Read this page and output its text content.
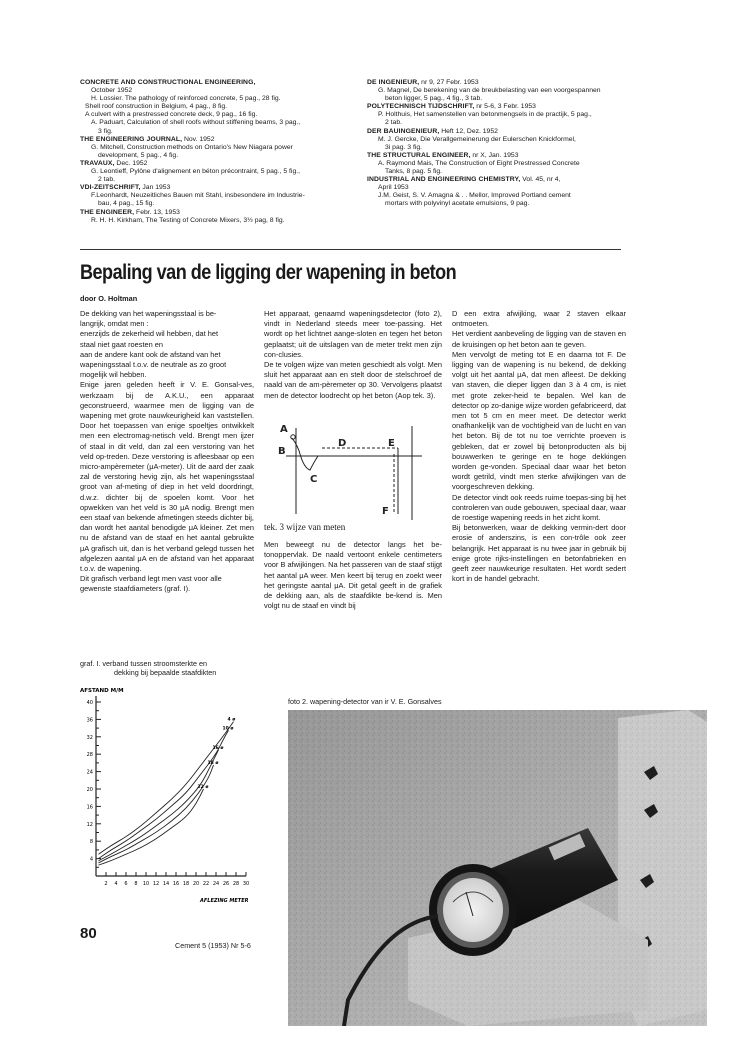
CONCRETE AND CONSTRUCTIONAL ENGINEERING,
October 1952
H. Lossier. The pathology of reinforced concrete, 5 pag., 28 fig.
Shell roof construction in Belgium, 4 pag., 8 fig.
A culvert with a prestressed concrete deck, 9 pag., 16 fig.
A. Paduart, Calculation of shell roofs without stiffening beams, 3 pag.,
3 fig.
THE ENGINEERING JOURNAL, Nov. 1952
G. Mitchell, Construction methods on Ontario's New Niagara power
development, 5 pag., 4 fig.
TRAVAUX, Dec. 1952
G. Leontieff, Pylône d'alignement en béton précontraint, 5 pag., 5 fig.,
2 tab.
VDI-ZEITSCHRIFT, Jan 1953
F.Leonhardt, Neuzeitliches Bauen mit Stahl, insbesondere im Industrie-
bau, 4 pag., 15 fig.
THE ENGINEER, Febr. 13, 1953
R. H. H. Kirkham, The Testing of Concrete Mixers, 3½ pag, 8 fig.
DE INGENIEUR, nr 9, 27 Febr. 1953
G. Magnel, De berekening van de breukbelasting van een voorgespannen
beton ligger, 5 pag., 4 fig., 3 tab.
POLYTECHNISCH TIJDSCHRIFT, nr 5-6, 3 Febr. 1953
P. Holthuis, Het samenstellen van betonmengsels in de practijk, 5 pag.,
2 tab.
DER BAUINGENIEUR, Heft 12, Dez. 1952
M. J. Gercke, Die Verallgemeinerung der Eulerschen Knickformel,
3i pag. 3 fig.
THE STRUCTURAL ENGINEER, nr X, Jan. 1953
A. Raymond Mais, The Construction of Eight Prestressed Concrete
Tanks, 8 pag. 5 fig.
INDUSTRIAL AND ENGINEERING CHEMISTRY, Vol. 45, nr 4,
April 1953
J.M. Geist, S. V. Amagna & . . Mellor, Improved Portland cement
mortars with polyvinyl acetate emulsions, 9 pag.
Bepaling van de ligging der wapening in beton
door O. Holtman
De dekking van het wapeningsstaal is be-
langrijk, omdat men :
enerzijds de zekerheid wil hebben, dat het
staal niet gaat roesten en
aan de andere kant ook de afstand van het
wapeningsstaal t.o.v. de neutrale as zo groot
mogelijk wil hebben.

Enige jaren geleden heeft ir V. E. Gonsal-ves, werkzaam bij de A.K.U., een apparaat geconstrueerd, waarmee men de ligging van de wapening met grote nauwkeurigheid kan vaststellen. Door het toepassen van enige spoeltjes ontwikkelt men een electromag-netisch veld. Brengt men ijzer of staal in dit veld, dan zal een verstoring van het veld op-treden. Deze verstoring is afleesbaar op een micro-ampèremeter (μA-meter). Uit de aard der zaak zal de verstoring hevig zijn, als het wapeningsstaal groot van af-meting of diep in het veld doordringt, d.w.z. dichter bij de spoelen komt. Voor het opwekken van het veld is 30 μA nodig. Brengt men een staaf van bekende afmetingen steeds dichter bij, dan wordt het aantal benodigde μA kleiner. Zet men nu de afstand van de staaf en het aantal gebruikte μA grafisch uit, dan is het verband gelegd tussen het afgelezen aantal μA en de afstand van het apparaat t.o.v. de wapening.

Dit grafisch verband legt men vast voor alle
gewenste staafdiameters (graf. I).

Het apparaat, genaamd wapeningsdetector (foto 2), vindt in Nederland steeds meer toe-passing. Het wordt op het lichtnet aange-sloten en tegen het beton geplaatst; uit de uitslagen van de meter trekt men zijn con-clusies.

De te volgen wijze van meten geschiedt als volgt. Men sluit het apparaat aan en stelt door de stelschroef de naald van de am-pèremeter op 30. Vervolgens plaatst men de detector loodrecht op het beton (Aop tek. 3).

A
B
C
D	E
F
tek. 3 wijze van meten

Men beweegt nu de detector langs het be-tonoppervlak. De naald vertoont enkele centimeters voor B afwijkingen. Na het passeren van de staaf stijgt het aantal μA weer. Men keert bij terug en zoekt weer het geringste aantal μA. Dit getal geeft in de grafiek de dekking aan, als de staafdikte be-kend is. Men volgt nu de staaf en vindt bij

D een extra afwijking, waar 2 staven elkaar ontmoeten.

Het verdient aanbeveling de ligging van de staven en de kruisingen op het beton aan te geven.

Men vervolgt de meting tot E en daarna tot F. De ligging van de wapening is nu bekend, de dekking volgt uit het aantal μA, dat men afleest. De dekking van staven, die dieper liggen dan 3 à 4 cm, is niet met grote zeker-heid te bepalen. Wel kan de detector op zo-danige wijze worden gefabriceerd, dat men tot 5 cm en meer meet. De detector werkt onafhankelijk van de vochtigheid van de lucht en van het beton. Bij de tot nu toe verrichte proeven is gebleken, dat er zowel bij betonproducten als bij bouwwerken te geringe en te hoge dekkingen worden ge-vonden. Speciaal daar waar het beton wordt getrild, vindt men sterke afwijkingen van de voorgeschreven dekking.

De detector vindt ook reeds ruime toepas-sing bij het controleren van oude gebouwen, speciaal daar, waar de roestige wapening reeds in het zicht komt.

Bij betonwerken, waar de dekking vermin-dert door erosie of anderszins, is een con-trôle ook zeer belangrijk. Het apparaat is nu twee jaar in gebruik bij enige grote rijks-instellingen en betonfabrieken en geeft zeer nauwkeurige resultaten. Het wordt sedert kort in de handel gebracht.

graf. I. verband tussen stroomsterkte en
dekking bij bepaalde staafdikten
AFSTAND M/M
AFLEZING METER
4
8
12
16
20
24
28
32
36
40
2 4 6 8 10 12 14 16 18 20 22 24 26 28 30
4 ø
10 ø
16 ø
18 ø
22 ø
foto 2. wapening-detector van ir V. E. Gonsalves
80
Cement 5 (1953) Nr 5-6
